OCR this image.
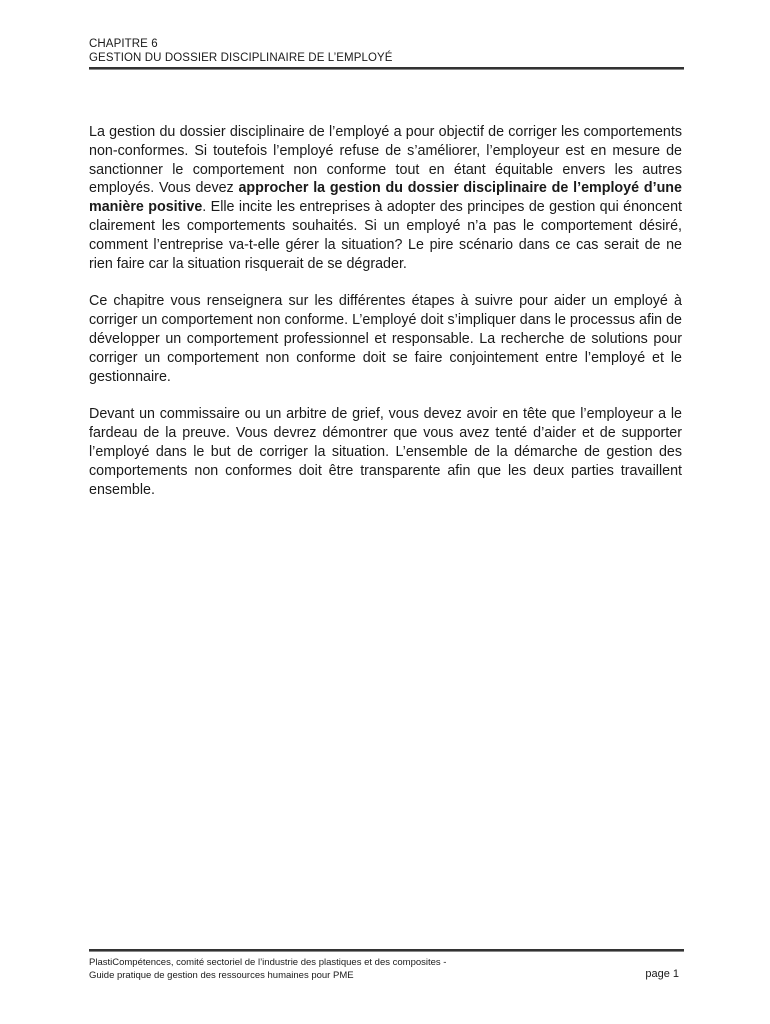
CHAPITRE 6
GESTION DU DOSSIER DISCIPLINAIRE DE L’EMPLOYÉ

La gestion du dossier disciplinaire de l’employé a pour objectif de corriger les comportements non-conformes. Si toutefois l’employé refuse de s’améliorer, l’employeur est en mesure de sanctionner le comportement non conforme tout en étant équitable envers les autres employés. Vous devez approcher la gestion du dossier disciplinaire de l’employé d’une manière positive. Elle incite les entreprises à adopter des principes de gestion qui énoncent clairement les comportements souhaités. Si un employé n’a pas le comportement désiré, comment l’entreprise va-t-elle gérer la situation? Le pire scénario dans ce cas serait de ne rien faire car la situation risquerait de se dégrader.

Ce chapitre vous renseignera sur les différentes étapes à suivre pour aider un employé à corriger un comportement non conforme. L’employé doit s’impliquer dans le processus afin de développer un comportement professionnel et responsable. La recherche de solutions pour corriger un comportement non conforme doit se faire conjointement entre l’employé et le gestionnaire.

Devant un commissaire ou un arbitre de grief, vous devez avoir en tête que l’employeur a le fardeau de la preuve. Vous devrez démontrer que vous avez tenté d’aider et de supporter l’employé dans le but de corriger la situation. L’ensemble de la démarche de gestion des comportements non conformes doit être transparente afin que les deux parties travaillent ensemble.

PlastiCompétences, comité sectoriel de l’industrie des plastiques et des composites -
Guide pratique de gestion des ressources humaines pour PME	page 1
